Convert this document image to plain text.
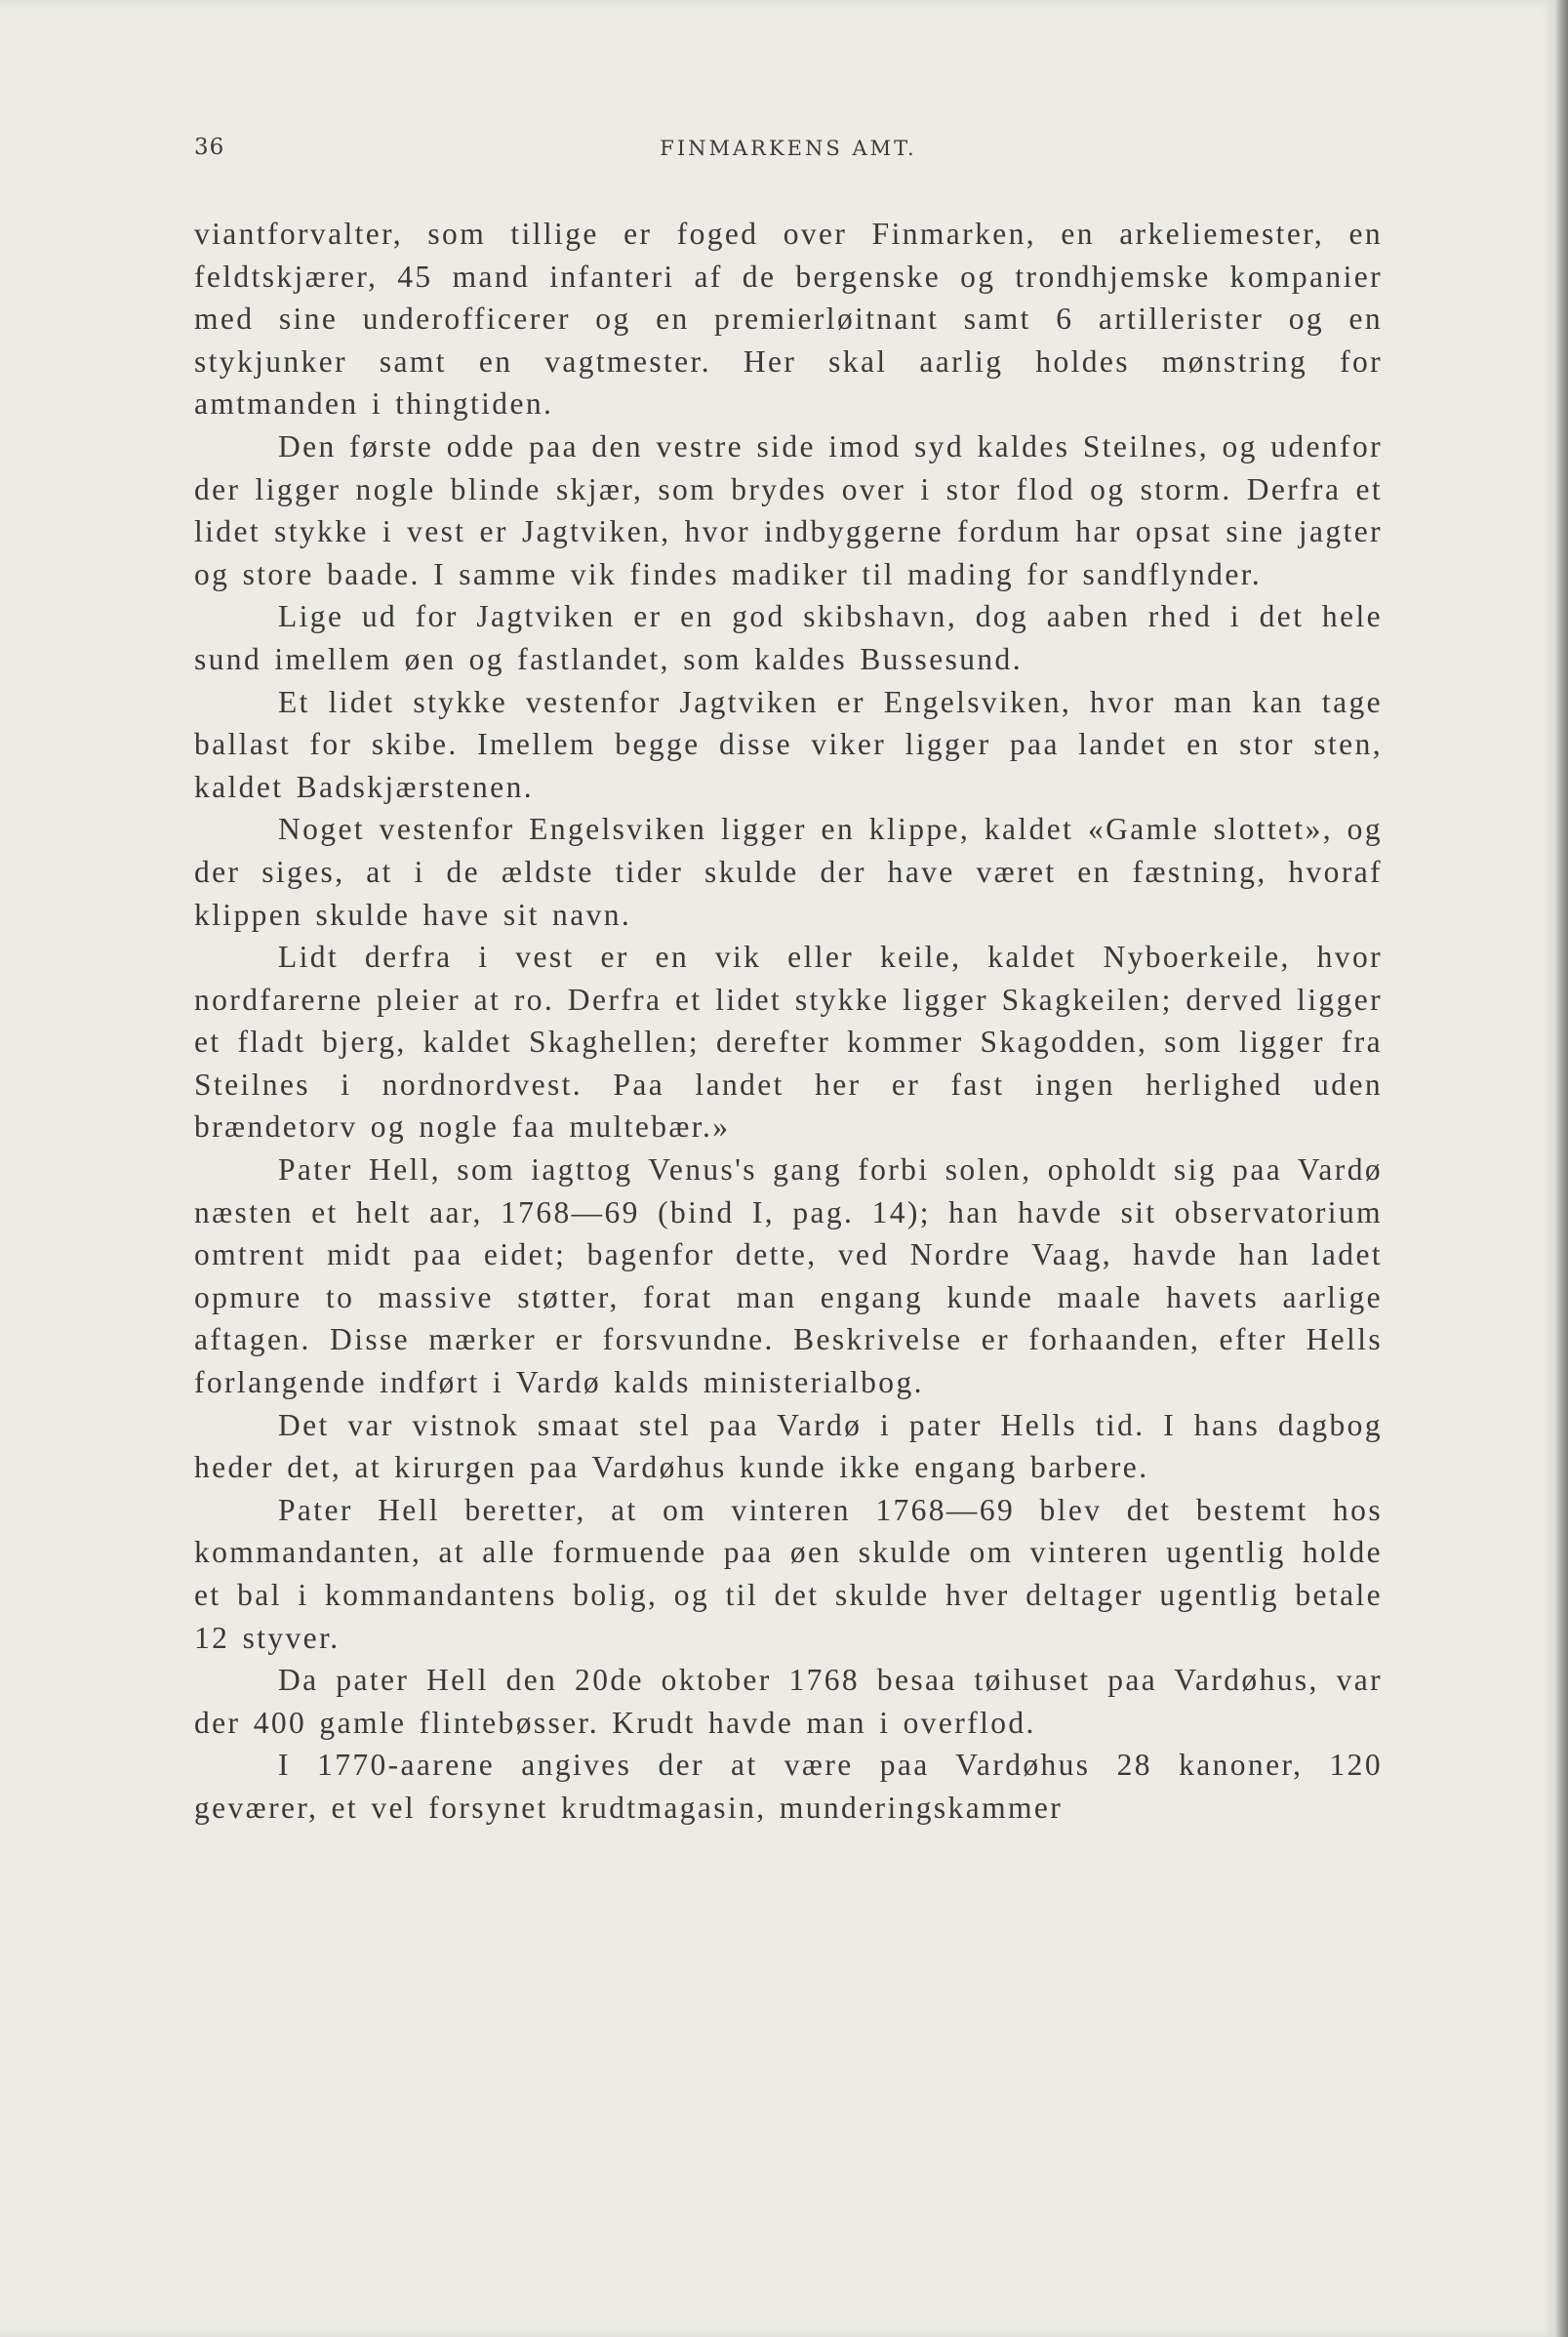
36	FINMARKENS AMT.

viantforvalter, som tillige er foged over Finmarken, en arkeliemester, en feldtskjærer, 45 mand infanteri af de bergenske og trondhjemske kompanier med sine underofficerer og en premierløitnant samt 6 artillerister og en stykjunker samt en vagtmester. Her skal aarlig holdes mønstring for amtmanden i thingtiden.

Den første odde paa den vestre side imod syd kaldes Steilnes, og udenfor der ligger nogle blinde skjær, som brydes over i stor flod og storm. Derfra et lidet stykke i vest er Jagtviken, hvor indbyggerne fordum har opsat sine jagter og store baade. I samme vik findes madiker til mading for sandflynder.

Lige ud for Jagtviken er en god skibshavn, dog aaben rhed i det hele sund imellem øen og fastlandet, som kaldes Bussesund.

Et lidet stykke vestenfor Jagtviken er Engelsviken, hvor man kan tage ballast for skibe. Imellem begge disse viker ligger paa landet en stor sten, kaldet Badskjærstenen.

Noget vestenfor Engelsviken ligger en klippe, kaldet «Gamle slottet», og der siges, at i de ældste tider skulde der have været en fæstning, hvoraf klippen skulde have sit navn.

Lidt derfra i vest er en vik eller keile, kaldet Nyboerkeile, hvor nordfarerne pleier at ro. Derfra et lidet stykke ligger Skagkeilen; derved ligger et fladt bjerg, kaldet Skaghellen; derefter kommer Skagodden, som ligger fra Steilnes i nordnordvest. Paa landet her er fast ingen herlighed uden brændetorv og nogle faa multebær.»

Pater Hell, som iagttog Venus's gang forbi solen, opholdt sig paa Vardø næsten et helt aar, 1768—69 (bind I, pag. 14); han havde sit observatorium omtrent midt paa eidet; bagenfor dette, ved Nordre Vaag, havde han ladet opmure to massive støtter, forat man engang kunde maale havets aarlige aftagen. Disse mærker er forsvundne. Beskrivelse er forhaanden, efter Hells forlangende indført i Vardø kalds ministerialbog.

Det var vistnok smaat stel paa Vardø i pater Hells tid. I hans dagbog heder det, at kirurgen paa Vardøhus kunde ikke engang barbere.

Pater Hell beretter, at om vinteren 1768—69 blev det bestemt hos kommandanten, at alle formuende paa øen skulde om vinteren ugentlig holde et bal i kommandantens bolig, og til det skulde hver deltager ugentlig betale 12 styver.

Da pater Hell den 20de oktober 1768 besaa tøihuset paa Vardøhus, var der 400 gamle flintebøsser. Krudt havde man i overflod.

I 1770-aarene angives der at være paa Vardøhus 28 kanoner, 120 geværer, et vel forsynet krudtmagasin, munderingskammer
